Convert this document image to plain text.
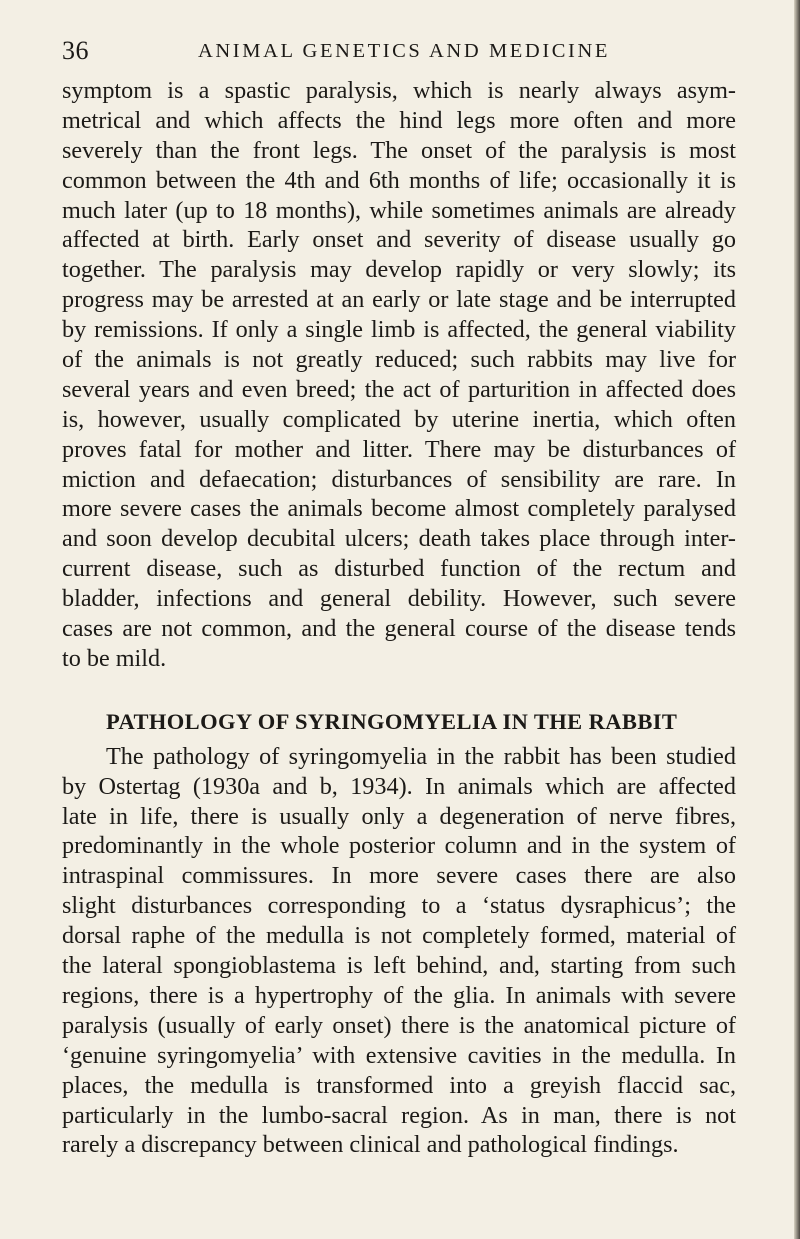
36	ANIMAL GENETICS AND MEDICINE
symptom is a spastic paralysis, which is nearly always asym-
metrical and which affects the hind legs more often and more
severely than the front legs. The onset of the paralysis is most
common between the 4th and 6th months of life; occasionally it is
much later (up to 18 months), while sometimes animals are already
affected at birth. Early onset and severity of disease usually go
together. The paralysis may develop rapidly or very slowly; its
progress may be arrested at an early or late stage and be interrupted
by remissions. If only a single limb is affected, the general viability
of the animals is not greatly reduced; such rabbits may live for
several years and even breed; the act of parturition in affected does
is, however, usually complicated by uterine inertia, which often
proves fatal for mother and litter. There may be disturbances of
miction and defaecation; disturbances of sensibility are rare. In
more severe cases the animals become almost completely paralysed
and soon develop decubital ulcers; death takes place through inter-
current disease, such as disturbed function of the rectum and
bladder, infections and general debility. However, such severe
cases are not common, and the general course of the disease tends
to be mild.
PATHOLOGY OF SYRINGOMYELIA IN THE RABBIT
The pathology of syringomyelia in the rabbit has been studied
by Ostertag (1930a and b, 1934). In animals which are affected
late in life, there is usually only a degeneration of nerve fibres,
predominantly in the whole posterior column and in the system of
intraspinal commissures. In more severe cases there are also
slight disturbances corresponding to a ‘status dysraphicus’; the
dorsal raphe of the medulla is not completely formed, material of
the lateral spongioblastema is left behind, and, starting from such
regions, there is a hypertrophy of the glia. In animals with severe
paralysis (usually of early onset) there is the anatomical picture of
‘genuine syringomyelia’ with extensive cavities in the medulla. In
places, the medulla is transformed into a greyish flaccid sac,
particularly in the lumbo-sacral region. As in man, there is not
rarely a discrepancy between clinical and pathological findings.
